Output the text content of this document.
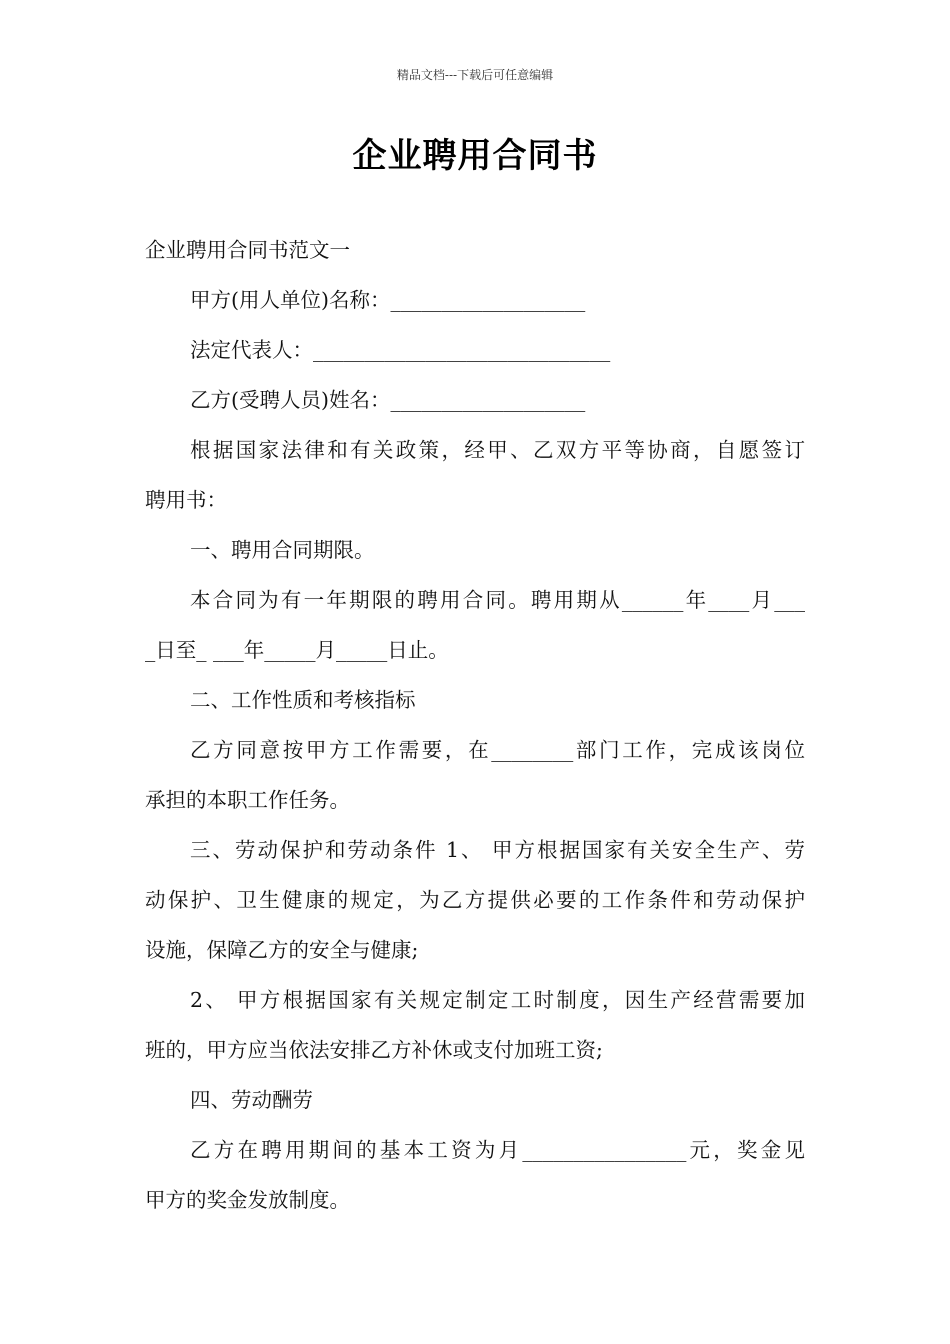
精品文档---下载后可任意编辑
企业聘用合同书
企业聘用合同书范文一
甲方(用人单位)名称：___________________
法定代表人：_____________________________
乙方(受聘人员)姓名：___________________
根据国家法律和有关政策，经甲、乙双方平等协商，自愿签订
聘用书：
一、聘用合同期限。
本合同为有一年期限的聘用合同。聘用期从______年____月___
_日至_ ___年_____月_____日止。
二、工作性质和考核指标
乙方同意按甲方工作需要，在________部门工作，完成该岗位
承担的本职工作任务。
三、劳动保护和劳动条件 1、 甲方根据国家有关安全生产、劳
动保护、卫生健康的规定，为乙方提供必要的工作条件和劳动保护
设施，保障乙方的安全与健康;
2、 甲方根据国家有关规定制定工时制度，因生产经营需要加
班的，甲方应当依法安排乙方补休或支付加班工资;
四、劳动酬劳
乙方在聘用期间的基本工资为月________________元，奖金见
甲方的奖金发放制度。
